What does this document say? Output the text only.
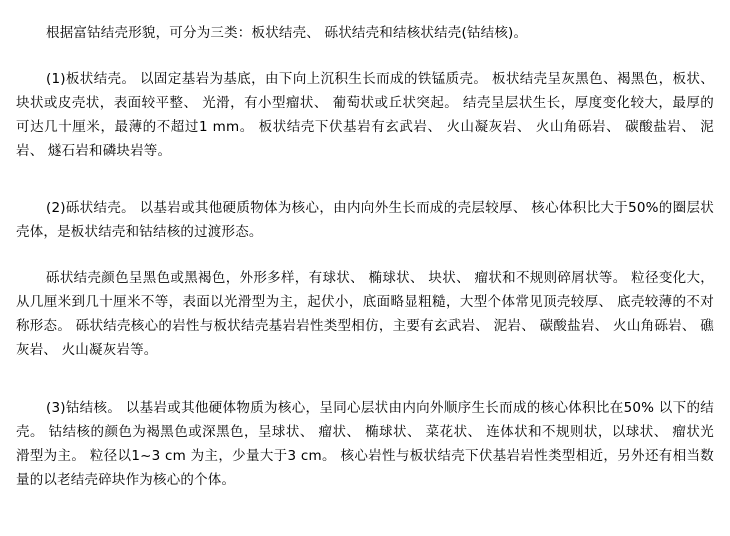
根据富钴结壳形貌，可分为三类：板状结壳、 砾状结壳和结核状结壳(钴结核)。

(1)板状结壳。 以固定基岩为基底，由下向上沉积生长而成的铁锰质壳。 板状结壳呈灰黑色、褐黑色，板状、 块状或皮壳状，表面较平整、 光滑，有小型瘤状、 葡萄状或丘状突起。 结壳呈层状生长，厚度变化较大，最厚的可达几十厘米，最薄的不超过1 mm。 板状结壳下伏基岩有玄武岩、 火山凝灰岩、 火山角砾岩、 碳酸盐岩、 泥岩、 燧石岩和磷块岩等。

(2)砾状结壳。 以基岩或其他硬质物体为核心，由内向外生长而成的壳层较厚、 核心体积比大于50%的圈层状壳体，是板状结壳和钴结核的过渡形态。

砾状结壳颜色呈黑色或黑褐色，外形多样，有球状、 椭球状、 块状、 瘤状和不规则碎屑状等。 粒径变化大，从几厘米到几十厘米不等，表面以光滑型为主，起伏小，底面略显粗糙，大型个体常见顶壳较厚、 底壳较薄的不对称形态。 砾状结壳核心的岩性与板状结壳基岩岩性类型相仿，主要有玄武岩、 泥岩、 碳酸盐岩、 火山角砾岩、 礁灰岩、 火山凝灰岩等。

(3)钴结核。 以基岩或其他硬体物质为核心，呈同心层状由内向外顺序生长而成的核心体积比在50% 以下的结壳。 钴结核的颜色为褐黑色或深黑色，呈球状、 瘤状、 椭球状、 菜花状、 连体状和不规则状，以球状、 瘤状光滑型为主。 粒径以1~3 cm 为主，少量大于3 cm。 核心岩性与板状结壳下伏基岩岩性类型相近，另外还有相当数量的以老结壳碎块作为核心的个体。
